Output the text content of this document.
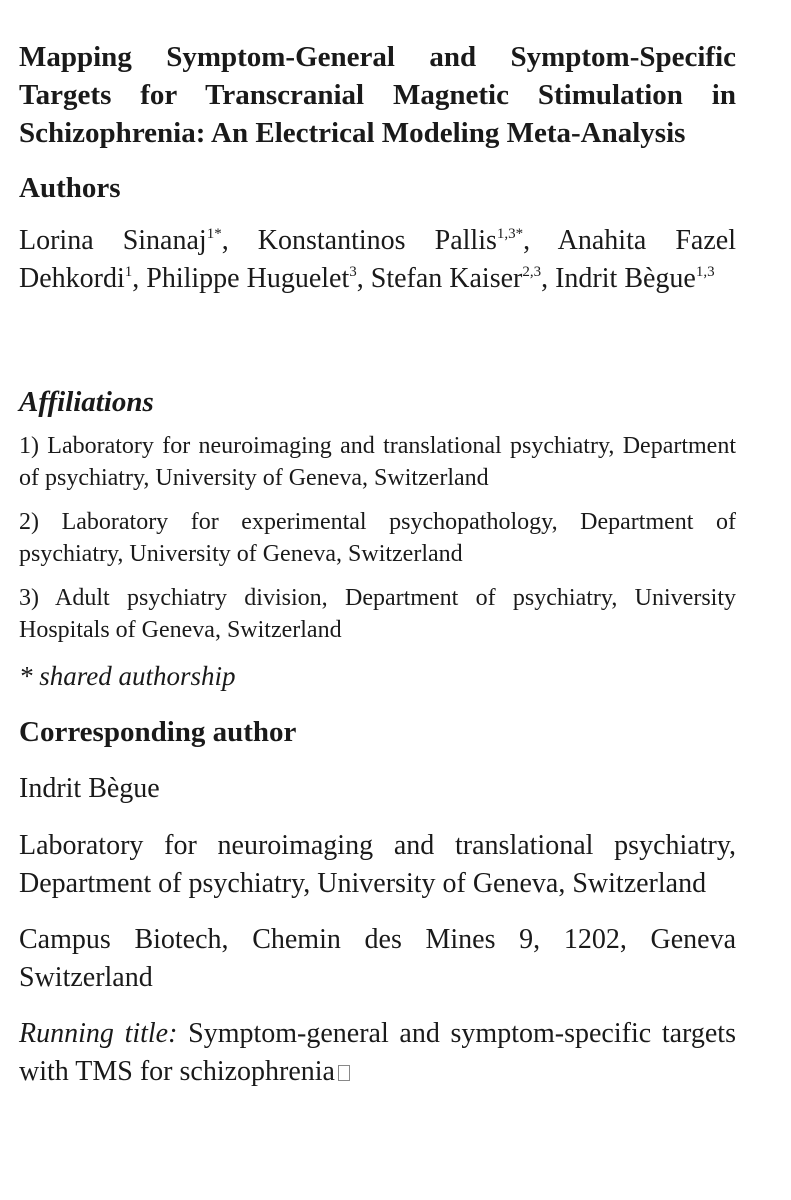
Mapping Symptom-General and Symptom-Specific Targets for Transcranial Magnetic Stimulation in Schizophrenia: An Electrical Modeling Meta-Analysis
Authors

Lorina Sinanaj$^{1*}$, Konstantinos Pallis$^{1,3*}$, Anahita Fazel Dehkordi$^1$, Philippe Huguelet$^3$, Stefan Kaiser$^{2,3}$, Indrit Bègue$^{1,3}$

Affiliations

1) Laboratory for neuroimaging and translational psychiatry, Department of psychiatry, University of Geneva, Switzerland

2) Laboratory for experimental psychopathology, Department of psychiatry, University of Geneva, Switzerland

3) Adult psychiatry division, Department of psychiatry, University Hospitals of Geneva, Switzerland

* shared authorship

Corresponding author

Indrit Bègue

Laboratory for neuroimaging and translational psychiatry, Department of psychiatry, University of Geneva, Switzerland

Campus Biotech, Chemin des Mines 9, 1202, Geneva Switzerland

Running title: Symptom-general and symptom-specific targets with TMS for schizophrenia
